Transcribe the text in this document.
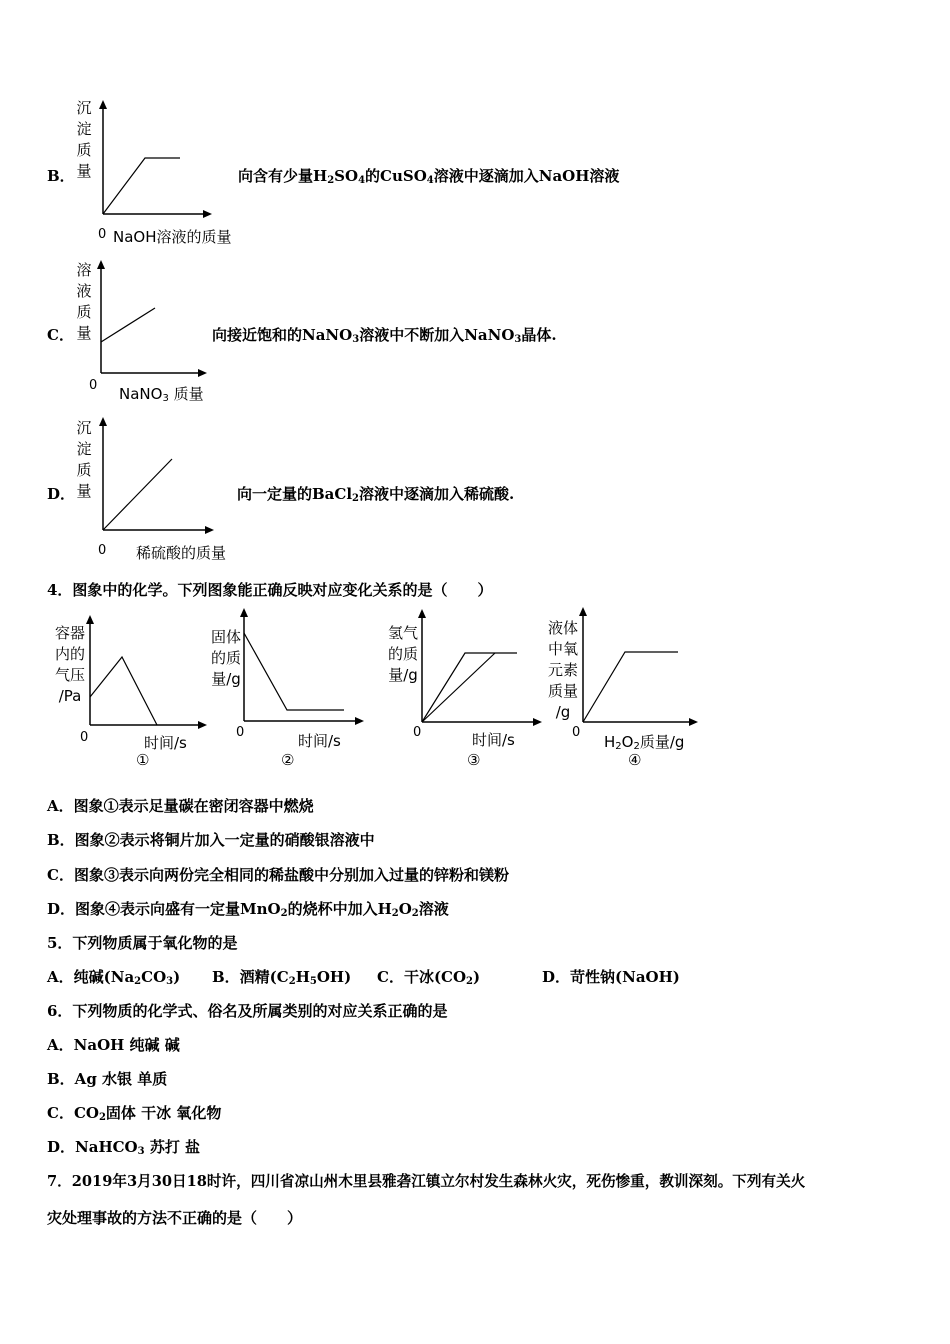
沉
淀
质
量
B．
0 NaOH溶液的质量
向含有少量$H_2SO_4$的CuSO$_4$溶液中逐滴加入NaOH溶液
溶
液
质
量
C．
0 NaNO$_3$ 质量
向接近饱和的NaNO$_3$溶液中不断加入NaNO$_3$晶体.
沉
淀
质
量
D．
0 稀硫酸的质量
向一定量的BaCl$_2$溶液中逐滴加入稀硫酸.
4．图象中的化学。下列图象能正确反映对应变化关系的是（　　）
容器
内的
气压
/Pa
0	时间/s
①
固体
的质
量/g
0	时间/s
②
氢气
的质
量/g
0	时间/s
③
液体
中氧
元素
质量
/g
0
$H_2O_2$质量/g
④
A．图象①表示足量碳在密闭容器中燃烧
B．图象②表示将铜片加入一定量的硝酸银溶液中
C．图象③表示向两份完全相同的稀盐酸中分别加入过量的锌粉和镁粉
D．图象④表示向盛有一定量MnO$_2$的烧杯中加入$H_2O_2$溶液
5．下列物质属于氧化物的是
A．纯碱$(Na_2CO_3)$ B．酒精$(C_2H_5OH)$ C．干冰$(CO_2)$	D．苛性钠(NaOH)
6．下列物质的化学式、俗名及所属类别的对应关系正确的是
A．NaOH 纯碱 碱
B．Ag 水银 单质
C．$CO_2$固体 干冰 氧化物
D．NaHCO$_3$ 苏打 盐
7．2019年3月30日18时许，四川省凉山州木里县雅砻江镇立尔村发生森林火灾，死伤惨重，教训深刻。下列有关火
灾处理事故的方法不正确的是（　　）
